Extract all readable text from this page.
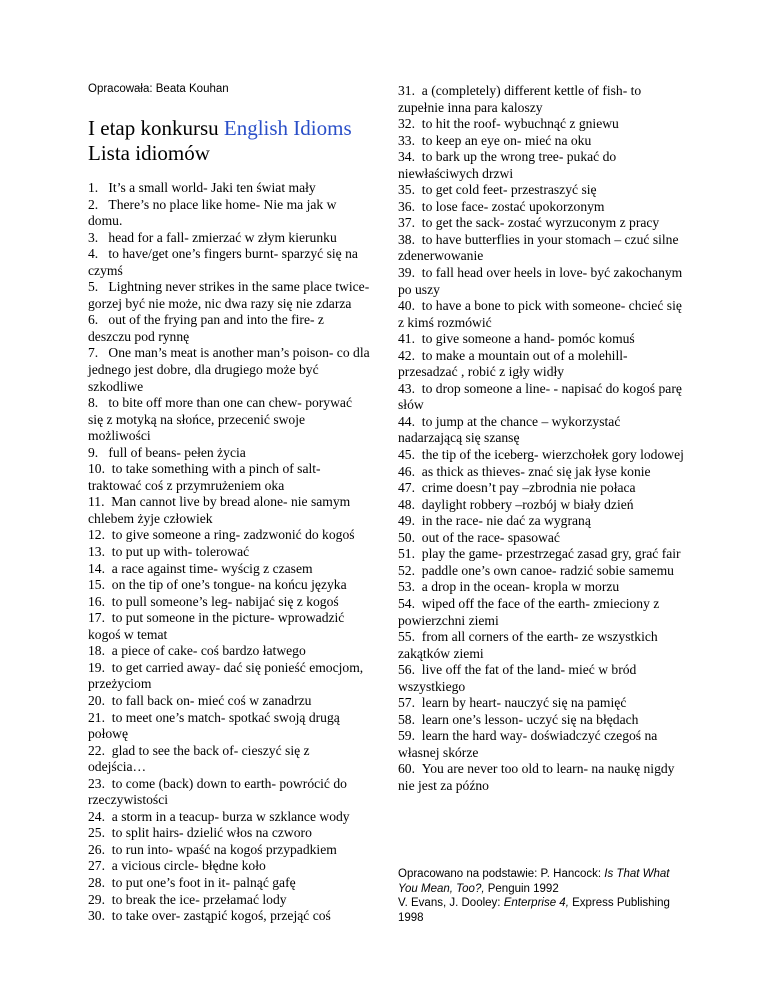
Opracowała: Beata Kouhan
I etap konkursu English Idioms
Lista idiomów
1. It’s a small world- Jaki ten świat mały
2. There’s no place like home- Nie ma jak w domu.
3. head for a fall- zmierzać w złym kierunku
4. to have/get one’s fingers burnt- sparzyć się na czymś
5. Lightning never strikes in the same place twice- gorzej być nie może, nic dwa razy się nie zdarza
6. out of the frying pan and into the fire- z deszczu pod rynnę
7. One man’s meat is another man’s poison- co dla jednego jest dobre, dla drugiego może być szkodliwe
8. to bite off more than one can chew- porywać się z motyką na słońce, przecenić swoje możliwości
9. full of beans- pełen życia
10. to take something with a pinch of salt- traktować coś z przymrużeniem oka
11. Man cannot live by bread alone- nie samym chlebem żyje człowiek
12. to give someone a ring- zadzwonić do kogoś
13. to put up with- tolerować
14. a race against time- wyścig z czasem
15. on the tip of one’s tongue- na końcu języka
16. to pull someone’s leg- nabijać się z kogoś
17. to put someone in the picture- wprowadzić kogoś w temat
18. a piece of cake- coś bardzo łatwego
19. to get carried away- dać się ponieść emocjom, przeżyciom
20. to fall back on- mieć coś w zanadrzu
21. to meet one’s match- spotkać swoją drugą połowę
22. glad to see the back of- cieszyć się z odejścia…
23. to come (back) down to earth- powrócić do rzeczywistości
24. a storm in a teacup- burza w szklance wody
25. to split hairs- dzielić włos na czworo
26. to run into- wpaść na kogoś przypadkiem
27. a vicious circle- błędne koło
28. to put one’s foot in it- palnąć gafę
29. to break the ice- przełamać lody
30. to take over- zastąpić kogoś, przejąć coś
31. a (completely) different kettle of fish- to zupełnie inna para kaloszy
32. to hit the roof- wybuchnąć z gniewu
33. to keep an eye on- mieć na oku
34. to bark up the wrong tree- pukać do niewłaściwych drzwi
35. to get cold feet- przestraszyć się
36. to lose face- zostać upokorzonym
37. to get the sack- zostać wyrzuconym z pracy
38. to have butterflies in your stomach – czuć silne zdenerwowanie
39. to fall head over heels in love- być zakochanym po uszy
40. to have a bone to pick with someone- chcieć się z kimś rozmówić
41. to give someone a hand- pomóc komuś
42. to make a mountain out of a molehill- przesadzać , robić z igły widły
43. to drop someone a line- - napisać do kogoś parę słów
44. to jump at the chance – wykorzystać nadarzającą się szansę
45. the tip of the iceberg- wierzchołek gory lodowej
46. as thick as thieves- znać się jak łyse konie
47. crime doesn’t pay –zbrodnia nie połaca
48. daylight robbery –rozbój w biały dzień
49. in the race- nie dać za wygraną
50. out of the race- spasować
51. play the game- przestrzegać zasad gry, grać fair
52. paddle one’s own canoe- radzić sobie samemu
53. a drop in the ocean- kropla w morzu
54. wiped off the face of the earth- zmieciony z powierzchni ziemi
55. from all corners of the earth- ze wszystkich zakątków ziemi
56. live off the fat of the land- mieć w bród wszystkiego
57. learn by heart- nauczyć się na pamięć
58. learn one’s lesson- uczyć się na błędach
59. learn the hard way- doświadczyć czegoś na własnej skórze
60. You are never too old to learn- na naukę nigdy nie jest za późno
Opracowano na podstawie: P. Hancock: Is That What You Mean, Too?, Penguin 1992
V. Evans, J. Dooley: Enterprise 4, Express Publishing 1998
